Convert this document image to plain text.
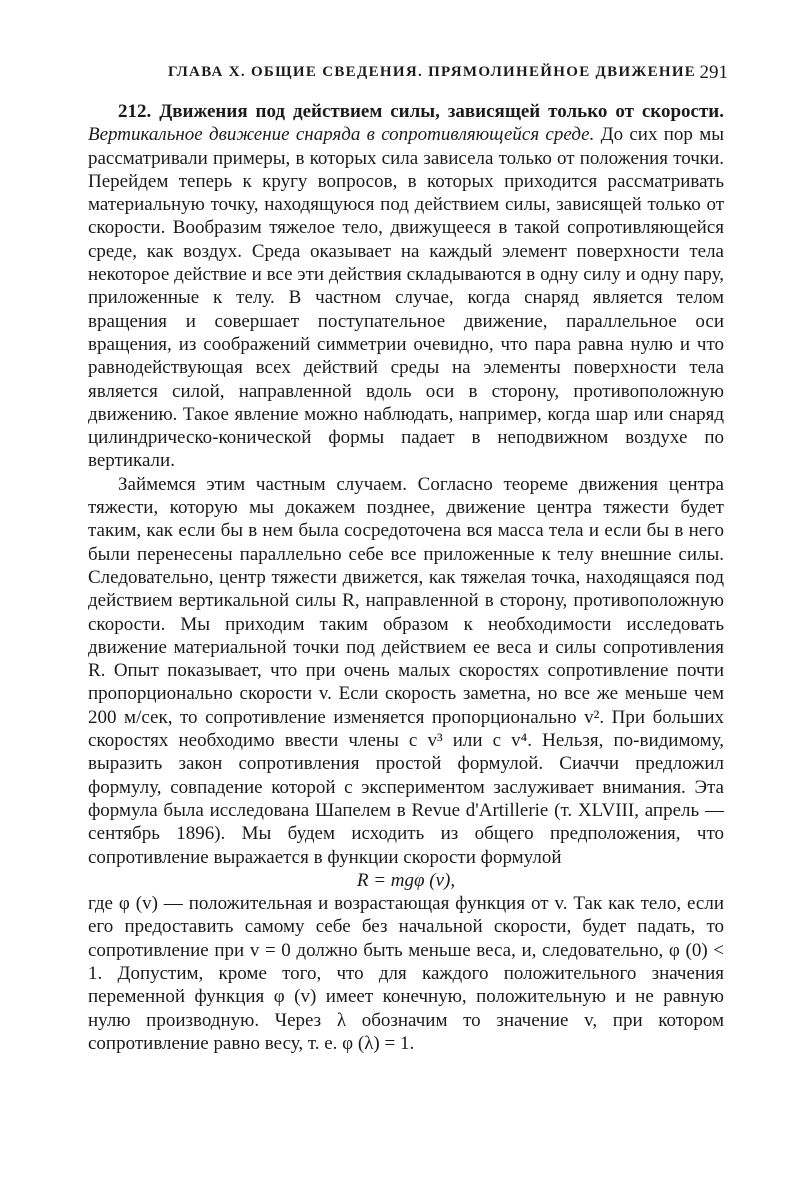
ГЛАВА X. ОБЩИЕ СВЕДЕНИЯ. ПРЯМОЛИНЕЙНОЕ ДВИЖЕНИЕ 291

212. Движения под действием силы, зависящей только от скорости. Вертикальное движение снаряда в сопротивляющейся среде. До сих пор мы рассматривали примеры, в которых сила зависела только от положения точки. Перейдем теперь к кругу вопросов, в которых приходится рассматривать материальную точку, находящуюся под действием силы, зависящей только от скорости. Вообразим тяжелое тело, движущееся в такой сопротивляющейся среде, как воздух. Среда оказывает на каждый элемент поверхности тела некоторое действие и все эти действия складываются в одну силу и одну пару, приложенные к телу. В частном случае, когда снаряд является телом вращения и совершает поступательное движение, параллельное оси вращения, из соображений симметрии очевидно, что пара равна нулю и что равнодействующая всех действий среды на элементы поверхности тела является силой, направленной вдоль оси в сторону, противоположную движению. Такое явление можно наблюдать, например, когда шар или снаряд цилиндрическо-конической формы падает в неподвижном воздухе по вертикали.

Займемся этим частным случаем. Согласно теореме движения центра тяжести, которую мы докажем позднее, движение центра тяжести будет таким, как если бы в нем была сосредоточена вся масса тела и если бы в него были перенесены параллельно себе все приложенные к телу внешние силы. Следовательно, центр тяжести движется, как тяжелая точка, находящаяся под действием вертикальной силы R, направленной в сторону, противоположную скорости. Мы приходим таким образом к необходимости исследовать движение материальной точки под действием ее веса и силы сопротивления R. Опыт показывает, что при очень малых скоростях сопротивление почти пропорционально скорости v. Если скорость заметна, но все же меньше чем 200 м/сек, то сопротивление изменяется пропорционально v². При больших скоростях необходимо ввести члены с v³ или с v⁴. Нельзя, по-видимому, выразить закон сопротивления простой формулой. Сиаччи предложил формулу, совпадение которой с экспериментом заслуживает внимания. Эта формула была исследована Шапелем в Revue d'Artillerie (т. XLVIII, апрель — сентябрь 1896). Мы будем исходить из общего предположения, что сопротивление выражается в функции скорости формулой

R = mgφ (v),

где φ (v) — положительная и возрастающая функция от v. Так как тело, если его предоставить самому себе без начальной скорости, будет падать, то сопротивление при v = 0 должно быть меньше веса, и, следовательно, φ (0) < 1. Допустим, кроме того, что для каждого положительного значения переменной функция φ (v) имеет конечную, положительную и не равную нулю производную. Через λ обозначим то значение v, при котором сопротивление равно весу, т. е. φ (λ) = 1.
